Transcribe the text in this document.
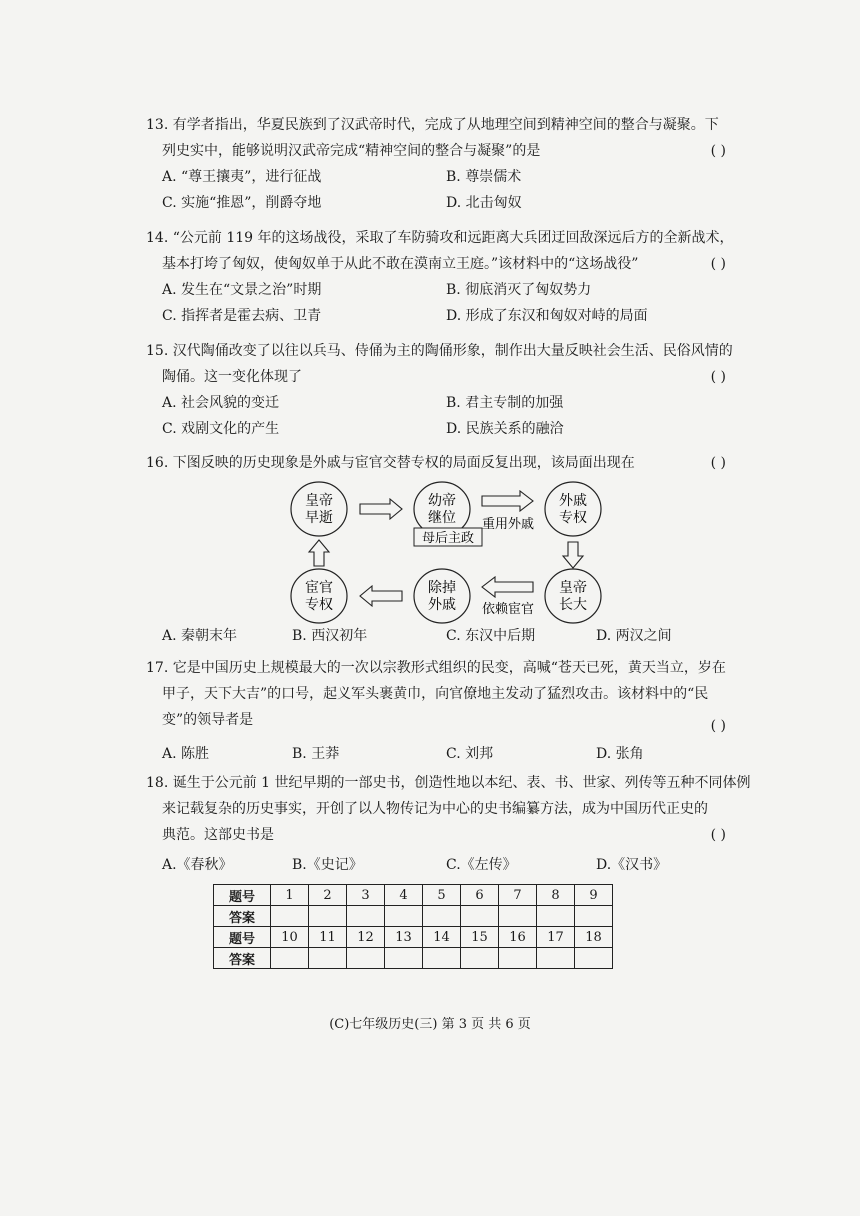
13. 有学者指出，华夏民族到了汉武帝时代，完成了从地理空间到精神空间的整合与凝聚。下
列史实中，能够说明汉武帝完成“精神空间的整合与凝聚”的是	( )
A. “尊王攘夷”，进行征战	B. 尊崇儒术
C. 实施“推恩”，削爵夺地	D. 北击匈奴
14. “公元前 119 年的这场战役，采取了车防骑攻和远距离大兵团迂回敌深远后方的全新战术，
基本打垮了匈奴，使匈奴单于从此不敢在漠南立王庭。”该材料中的“这场战役”	( )
A. 发生在“文景之治”时期	B. 彻底消灭了匈奴势力
C. 指挥者是霍去病、卫青	D. 形成了东汉和匈奴对峙的局面
15. 汉代陶俑改变了以往以兵马、侍俑为主的陶俑形象，制作出大量反映社会生活、民俗风情的
陶俑。这一变化体现了	( )
A. 社会风貌的变迁	B. 君主专制的加强
C. 戏剧文化的产生	D. 民族关系的融洽
16. 下图反映的历史现象是外戚与宦官交替专权的局面反复出现，该局面出现在	( )
皇帝
早逝
幼帝
继位
外戚
专权
皇帝
长大
除掉
外戚
宦官
专权
母后主政
重用外戚
依赖宦官
A. 秦朝末年	B. 西汉初年	C. 东汉中后期	D. 两汉之间
17. 它是中国历史上规模最大的一次以宗教形式组织的民变，高喊“苍天已死，黄天当立，岁在
甲子，天下大吉”的口号，起义军头裹黄巾，向官僚地主发动了猛烈攻击。该材料中的“民
变”的领导者是	( )
A. 陈胜	B. 王莽	C. 刘邦	D. 张角
18. 诞生于公元前 1 世纪早期的一部史书，创造性地以本纪、表、书、世家、列传等五种不同体例
来记载复杂的历史事实，开创了以人物传记为中心的史书编纂方法，成为中国历代正史的
典范。这部史书是	( )
A.《春秋》	B.《史记》	C.《左传》	D.《汉书》
题号	1	2	3	4	5	6	7	8	9
答案									
题号	10	11	12	13	14	15	16	17	18
答案									
(C)七年级历史(三) 第 3 页 共 6 页
